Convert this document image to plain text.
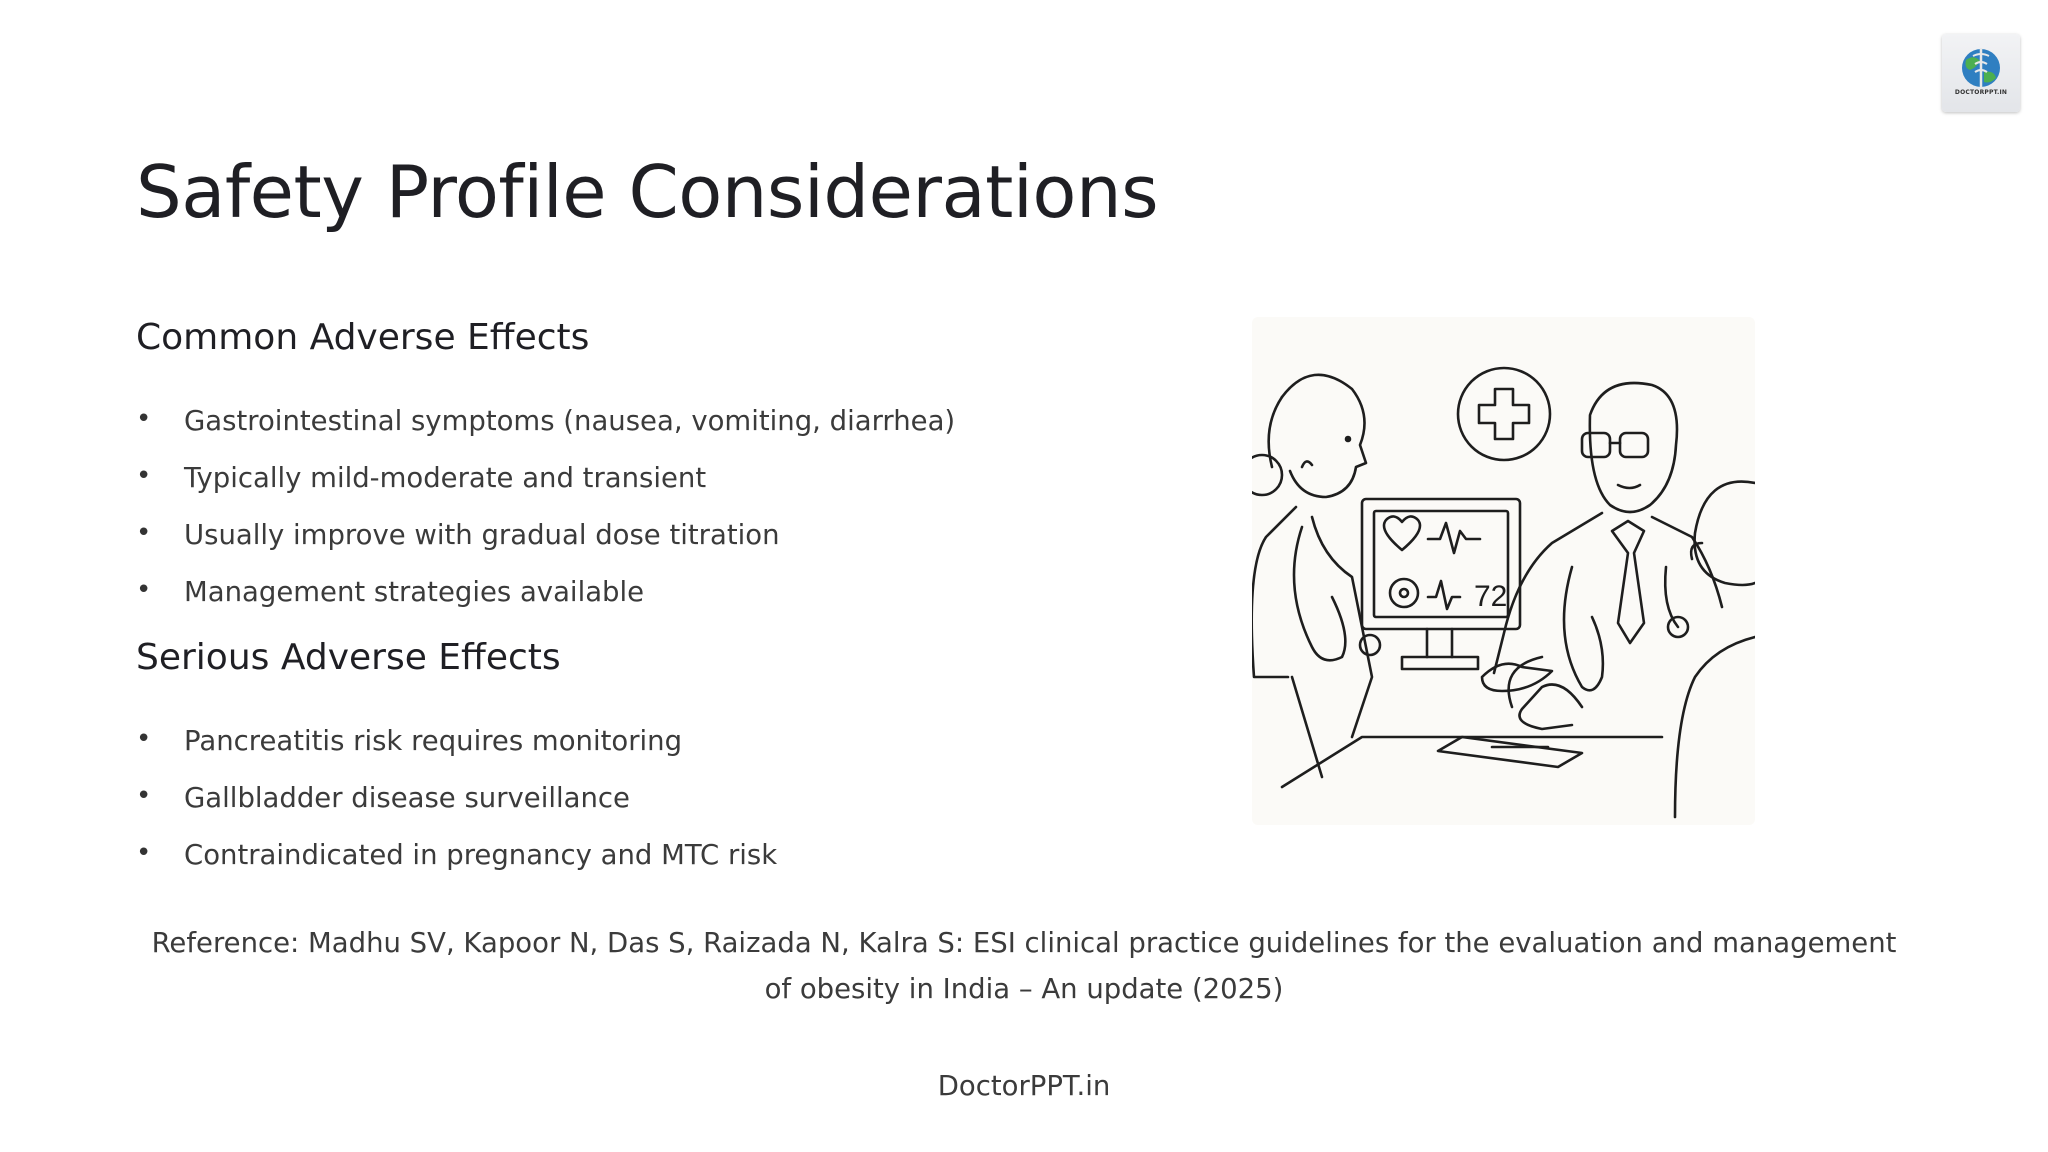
DOCTORPPT.IN
Safety Profile Considerations
Common Adverse Effects
• Gastrointestinal symptoms (nausea, vomiting, diarrhea)
• Typically mild-moderate and transient
• Usually improve with gradual dose titration
• Management strategies available
Serious Adverse Effects
• Pancreatitis risk requires monitoring
• Gallbladder disease surveillance
• Contraindicated in pregnancy and MTC risk
72

Reference: Madhu SV, Kapoor N, Das S, Raizada N, Kalra S: ESI clinical practice guidelines for the evaluation and management of obesity in India – An update (2025)

DoctorPPT.in
